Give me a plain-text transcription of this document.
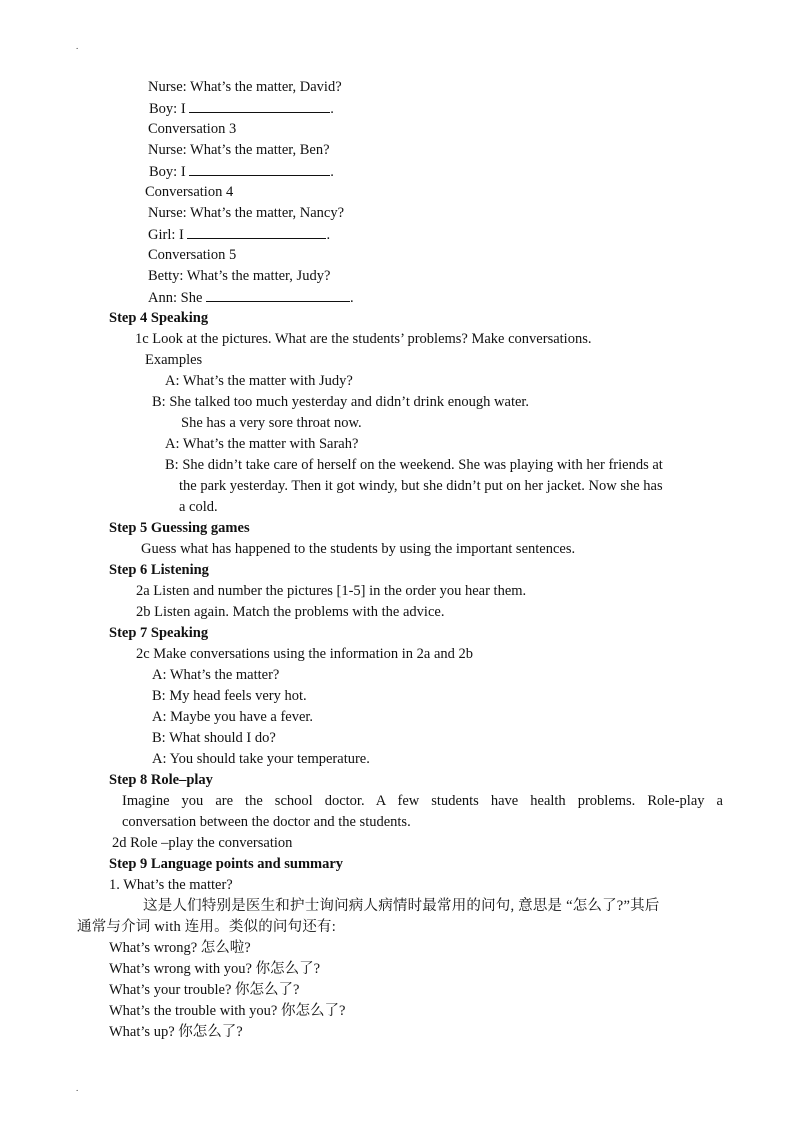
.
Nurse: What’s the matter, David?
Boy: I	.
Conversation 3
Nurse: What’s the matter, Ben?
Boy: I	.
Conversation 4
Nurse: What’s the matter, Nancy?
Girl: I	.
Conversation 5
Betty: What’s the matter, Judy?
Ann: She	.
Step 4 Speaking
1c Look at the pictures. What are the students’ problems? Make conversations.
Examples
A: What’s the matter with Judy?
B: She talked too much yesterday and didn’t drink enough water.
She has a very sore throat now.
A: What’s the matter with Sarah?
B: She didn’t take care of herself on the weekend. She was playing with her friends at
the park yesterday. Then it got windy, but she didn’t put on her jacket. Now she has
a cold.
Step 5 Guessing games
Guess what has happened to the students by using the important sentences.
Step 6 Listening
2a Listen and number the pictures [1-5] in the order you hear them.
2b Listen again. Match the problems with the advice.
Step 7 Speaking
2c Make conversations using the information in 2a and 2b
A: What’s the matter?
B: My head feels very hot.
A: Maybe you have a fever.
B: What should I do?
A: You should take your temperature.
Step 8 Role–play
Imagine you are the school doctor. A few students have health problems. Role-play a
conversation between the doctor and the students.
2d Role –play the conversation
Step 9 Language points and summary
1. What’s the matter?
这是人们特别是医生和护士询问病人病情时最常用的问句, 意思是 “怎么了?”其后
通常与介词 with 连用。类似的问句还有:
What’s wrong? 怎么啦?
What’s wrong with you? 你怎么了?
What’s your trouble? 你怎么了?
What’s the trouble with you? 你怎么了?
What’s up? 你怎么了?
.
